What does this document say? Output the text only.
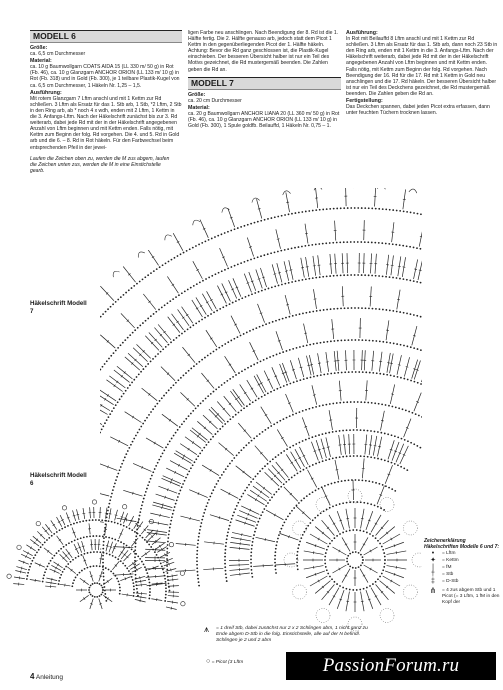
MODELL 6
Größe:

ca. 6,5 cm Durchmesser

Material:

ca. 10 g Baumwollgarn COATS AIDA 15 (LL 330 m/ 50 g) in Rot (Fb. 46), ca. 10 g Glanzgarn ANCHOR ORION (LL 133 m/ 10 g) in Rot (Fb. 318) und in Gold (Fb. 300), je 1 teilbare Plastik-Kugel von ca. 6,5 cm Durchmesser, 1 Häkeln Nr. 1,25 – 1,5.

Ausführung:

Mit rotem Glanzgarn 7 Lftm anschl und mit 1 Kettm zur Rd schließen. 3 Lftm als Ersatz für das 1. Stb arb, 1 Stb, *2 Lftm, 2 Stb in den Ring arb, ab * noch 4 x wdh, enden mit 2 Lftm, 1 Kettm in die 3. Anfangs-Lftm. Nach der Häkelschrift zunächst bis zur 3. Rd weiterarb, dabei jede Rd mit der in der Häkelschrift angegebenen Anzahl von Lftm beginnen und mit Kettm enden. Falls nötig, mit Kettm zum Beginn der folg. Rd vorgehen. Die 4. und 5. Rd in Gold arb und die 6. – 8. Rd in Rot häkeln. Für den Farbwechsel beim entsprechenden Pfeil in der jewei-

Laufen die Zeichen oben zu, werden die M zus abgem, laufen die Zeichen unten zus, werden die M in eine Einstichstelle gearb.

ligen Farbe neu anschlingen. Nach Beendigung der 8. Rd ist die 1. Hälfte fertig. Die 2. Hälfte genauso arb, jedoch statt dem Picot 1 Kettm in den gegenüberliegenden Picot der 1. Hälfte häkeln. Achtung: Bevor die Rd ganz geschlossen ist, die Plastik-Kugel einschieben. Der besseren Übersicht halber ist nur ein Teil des Motivs gezeichnet, die Rd mustergemäß beenden. Die Zahlen geben die Rd an.

MODELL 7
Größe:

ca. 20 cm Durchmesser

Material:

ca. 20 g Baumwollgarn ANCHOR LIANA 20 (LL 360 m/ 50 g) in Rot (Fb. 46), ca. 10 g Glanzgarn ANCHOR ORION (LL 133 m/ 10 g) in Gold (Fb. 300), 1 Spule goldfb. Beilauffd, 1 Häkeln Nr. 0,75 – 1.

Ausführung:

In Rot mit Beilauffd 8 Lftm anschl und mit 1 Kettm zur Rd schließen. 3 Lftm als Ersatz für das 1. Stb arb, dann noch 23 Stb in den Ring arb, enden mit 1 Kettm in die 3. Anfangs-Lftm. Nach der Häkelschrift weiterarb, dabei jede Rd mit der in der Häkelschrift angegebenen Anzahl von Lftm beginnen und mit Kettm enden. Falls nötig, mit Kettm zum Beginn der folg. Rd vorgehen. Nach Beendigung der 16. Rd für die 17. Rd mit 1 Kettm in Gold neu anschlingen und die 17. Rd häkeln. Der besseren Übersicht halber ist nur ein Teil des Deckchens gezeichnet, die Rd mustergemäß beenden. Die Zahlen geben die Rd an.

Fertigstellung:

Das Deckchen spannen, dabei jeden Picot extra erfassen, dann unter feuchten Tüchern trocknen lassen.

Häkelschrift Modell 7
Häkelschrift Modell 6
Zeichenerklärung Häkelschriften Modelle 6 und 7:
•	= Lftm
✦	= Kettm
|	= fM
†	= Stb
‡	= D-Stb
⋔	= 4 zus abgem Stb und 1 Picot (= 3 Lftm, 1 fM in den Kopf der
⩚	= 1 dreif Stb, dabei zunächst nur 2 x 2 Schlingen abm, 1 nicht ganz zu Ende abgem D-Stb in die folg. Einstichstelle, alle auf der N befindl. Schlingen je 2 und 2 abm
○ = Picot (3 Lftm
4 Anleitung
PassionForum.ru
